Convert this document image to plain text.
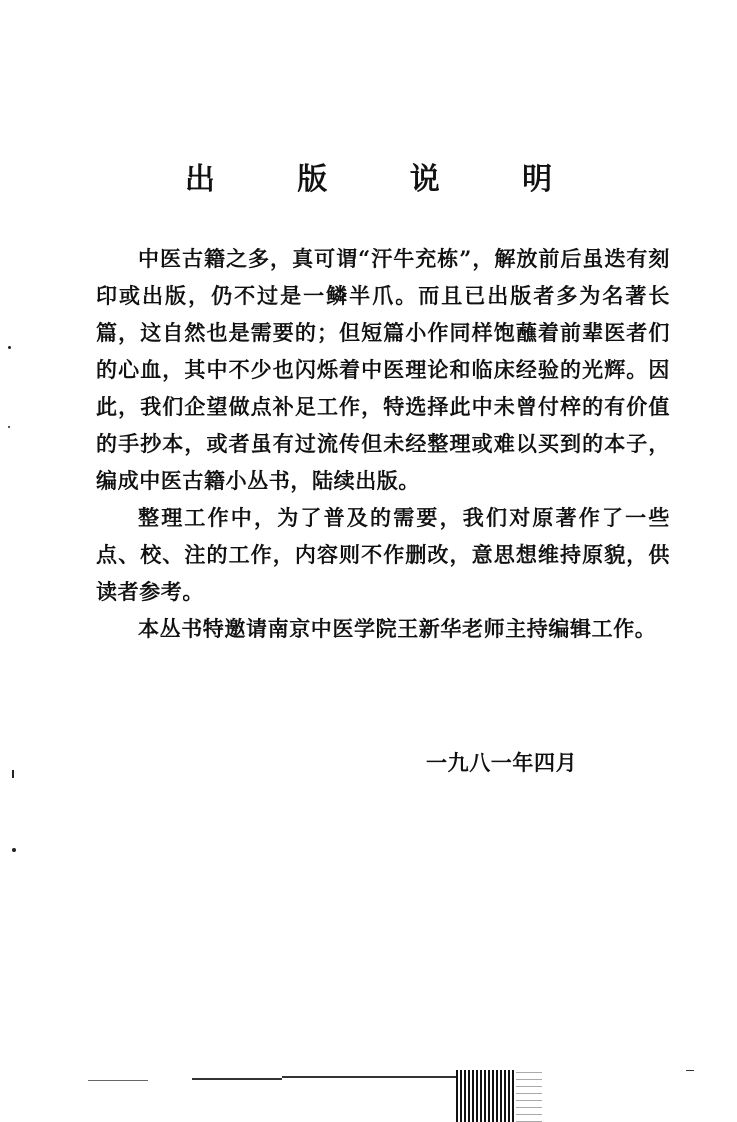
出 版 说 明

中医古籍之多，真可谓“汗牛充栋”，解放前后虽迭有刻印或出版，仍不过是一鳞半爪。而且已出版者多为名著长篇，这自然也是需要的；但短篇小作同样饱蘸着前辈医者们的心血，其中不少也闪烁着中医理论和临床经验的光辉。因此，我们企望做点补足工作，特选择此中未曾付梓的有价值的手抄本，或者虽有过流传但未经整理或难以买到的本子，编成中医古籍小丛书，陆续出版。

整理工作中，为了普及的需要，我们对原著作了一些点、校、注的工作，内容则不作删改，意思想维持原貌，供读者参考。

本丛书特邀请南京中医学院王新华老师主持编辑工作。

一九八一年四月
